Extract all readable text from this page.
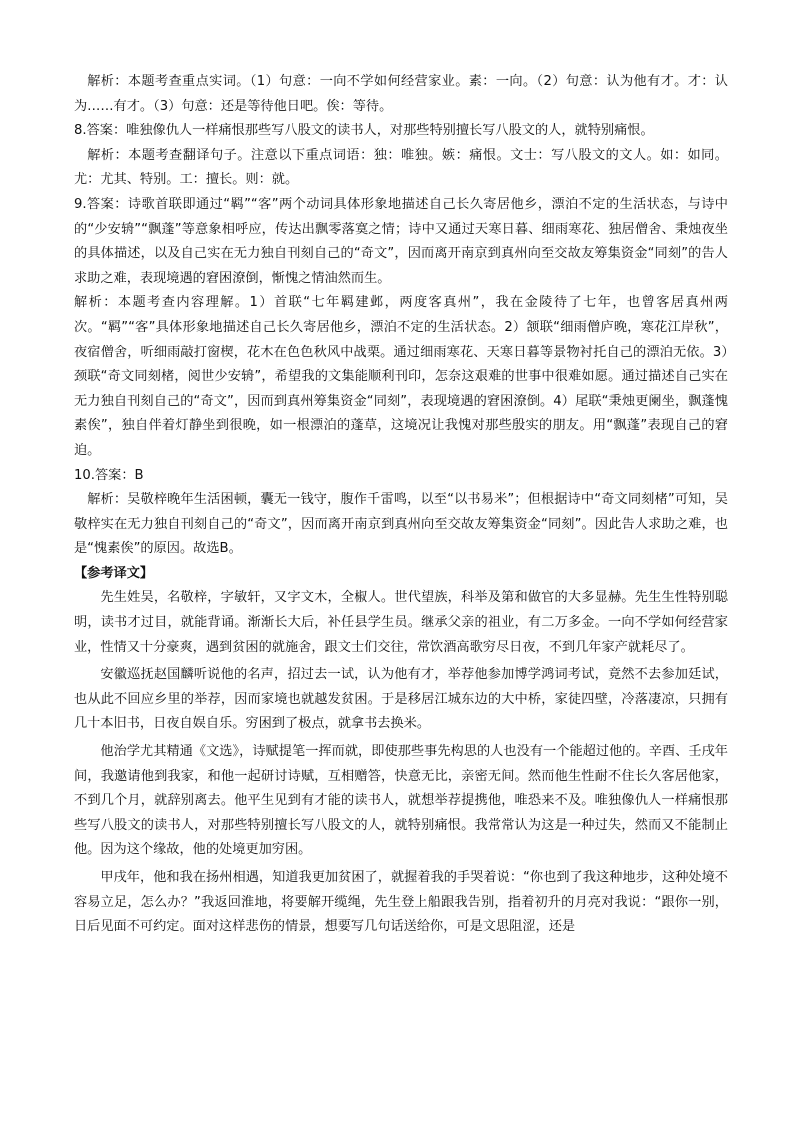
解析：本题考查重点实词。（1）句意：一向不学如何经营家业。素：一向。（2）句意：认为他有才。才：认为……有才。（3）句意：还是等待他日吧。俟：等待。

8.答案：唯独像仇人一样痛恨那些写八股文的读书人，对那些特别擅长写八股文的人，就特别痛恨。

解析：本题考查翻译句子。注意以下重点词语：独：唯独。嫉：痛恨。文士：写八股文的文人。如：如同。尤：尤其、特别。工：擅长。则：就。

9.答案：诗歌首联即通过“羁”“客”两个动词具体形象地描述自己长久寄居他乡，漂泊不定的生活状态，与诗中的“少安辀”“飘蓬”等意象相呼应，传达出飘零落寞之情；诗中又通过天寒日暮、细雨寒花、独居僧舍、秉烛夜坐的具体描述，以及自己实在无力独自刊刻自己的“奇文”，因而离开南京到真州向至交故友筹集资金“同刻”的告人求助之难，表现境遇的窘困潦倒，惭愧之情油然而生。

解析：本题考查内容理解。1）首联“七年羁建邺，两度客真州”，我在金陵待了七年，也曾客居真州两次。“羁”“客”具体形象地描述自己长久寄居他乡，漂泊不定的生活状态。2）颔联“细雨僧庐晚，寒花江岸秋”，夜宿僧舍，听细雨敲打窗楔，花木在色色秋风中战栗。通过细雨寒花、天寒日暮等景物衬托自己的漂泊无依。3）颈联“奇文同刻楮，阅世少安辀”，希望我的文集能顺利刊印，怎奈这艰难的世事中很难如愿。通过描述自己实在无力独自刊刻自己的“奇文”，因而到真州筹集资金“同刻”，表现境遇的窘困潦倒。4）尾联“秉烛更阑坐，飘蓬愧素俟”，独自伴着灯静坐到很晚，如一根漂泊的蓬草，这境况让我愧对那些殷实的朋友。用“飘蓬”表现自己的窘迫。

10.答案：B

解析：吴敬梓晚年生活困顿，囊无一钱守，腹作千雷鸣，以至“以书易米”；但根据诗中“奇文同刻楮”可知，吴敬梓实在无力独自刊刻自己的“奇文”，因而离开南京到真州向至交故友筹集资金“同刻”。因此告人求助之难，也是“愧素俟”的原因。故选B。

【参考译文】

先生姓吴，名敬梓，字敏轩，又字文木，全椒人。世代望族，科举及第和做官的大多显赫。先生生性特别聪明，读书才过目，就能背诵。渐渐长大后，补任县学生员。继承父亲的祖业，有二万多金。一向不学如何经营家业，性情又十分豪爽，遇到贫困的就施舍，跟文士们交往，常饮酒高歌穷尽日夜，不到几年家产就耗尽了。

安徽巡抚赵国麟听说他的名声，招过去一试，认为他有才，举荐他参加博学鸿词考试，竟然不去参加廷试，也从此不回应乡里的举荐，因而家境也就越发贫困。于是移居江城东边的大中桥，家徒四壁，冷落凄凉，只拥有几十本旧书，日夜自娱自乐。穷困到了极点，就拿书去换米。

他治学尤其精通《文选》，诗赋提笔一挥而就，即使那些事先构思的人也没有一个能超过他的。辛酉、壬戌年间，我邀请他到我家，和他一起研讨诗赋，互相赠答，快意无比，亲密无间。然而他生性耐不住长久客居他家，不到几个月，就辞别离去。他平生见到有才能的读书人，就想举荐提携他，唯恐来不及。唯独像仇人一样痛恨那些写八股文的读书人，对那些特别擅长写八股文的人，就特别痛恨。我常常认为这是一种过失，然而又不能制止他。因为这个缘故，他的处境更加穷困。

甲戌年，他和我在扬州相遇，知道我更加贫困了，就握着我的手哭着说：“你也到了我这种地步，这种处境不容易立足，怎么办？”我返回淮地，将要解开缆绳，先生登上船跟我告别，指着初升的月亮对我说：“跟你一别，日后见面不可约定。面对这样悲伤的情景，想要写几句话送给你，可是文思阻涩，还是
